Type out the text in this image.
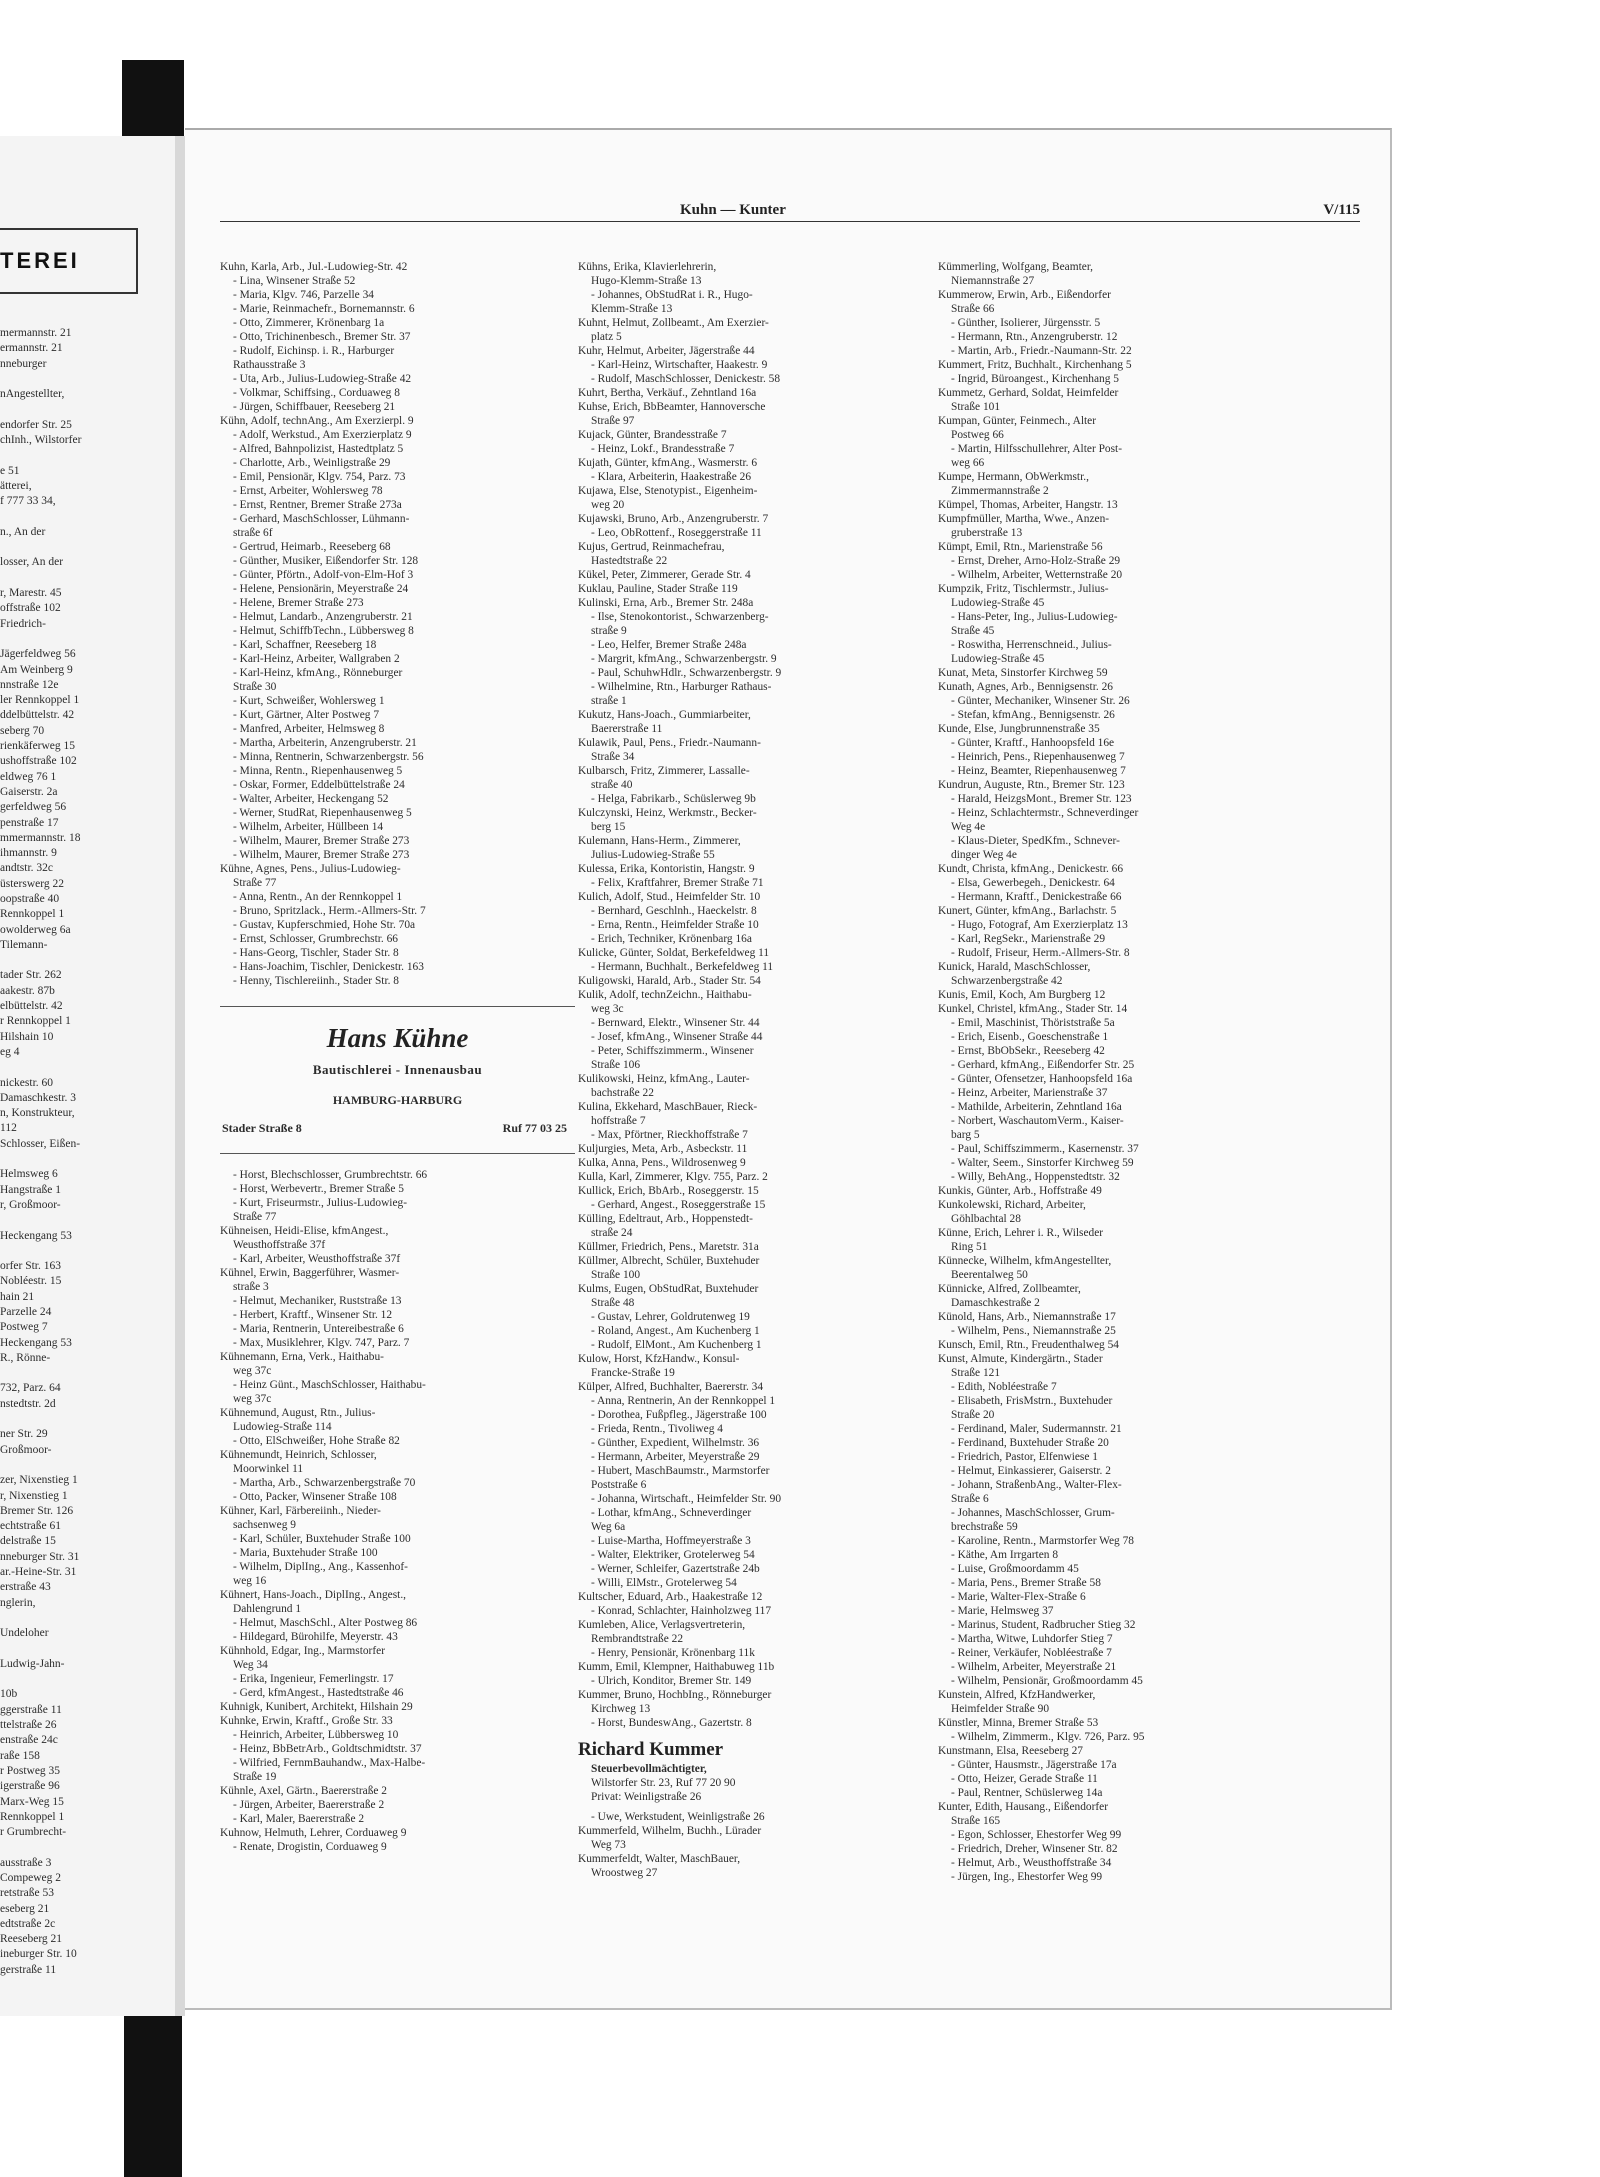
TEREI
mermannstr. 21
ermannstr. 21
nneburger
nAngestellter,
endorfer Str. 25
chInh., Wilstorfer
e 51
ätterei,
f 777 33 34,
n., An der
losser, An der
r, Marestr. 45
offstraße 102
Friedrich-
Jägerfeldweg 56
Am Weinberg 9
nnstraße 12e
ler Rennkoppel 1
ddelbüttelstr. 42
seberg 70
rienkäferweg 15
ushoffstraße 102
eldweg 76 1
Gaiserstr. 2a
gerfeldweg 56
penstraße 17
mmermannstr. 18
ihmannstr. 9
andtstr. 32c
üsterswerg 22
oopstraße 40
Rennkoppel 1
owolderweg 6a
Tilemann-
tader Str. 262
aakestr. 87b
elbüttelstr. 42
r Rennkoppel 1
Hilshain 10
eg 4
nickestr. 60
Damaschkestr. 3
n, Konstrukteur,
112
Schlosser, Eißen-
Helmsweg 6
Hangstraße 1
r, Großmoor-
Heckengang 53
orfer Str. 163
Nobléestr. 15
hain 21
Parzelle 24
Postweg 7
Heckengang 53
R., Rönne-
732, Parz. 64
nstedtstr. 2d
ner Str. 29
Großmoor-
zer, Nixenstieg 1
r, Nixenstieg 1
Bremer Str. 126
echtstraße 61
delstraße 15
nneburger Str. 31
ar.-Heine-Str. 31
erstraße 43
nglerin,
Undeloher
Ludwig-Jahn-
10b
ggerstraße 11
ttelstraße 26
enstraße 24c
raße 158
r Postweg 35
igerstraße 96
Marx-Weg 15
Rennkoppel 1
r Grumbrecht-
ausstraße 3
Compeweg 2
retstraße 53
eseberg 21
edtstraße 2c
Reeseberg 21
ineburger Str. 10
gerstraße 11
Kuhn — Kunter	V/115
Kuhn, Karla, Arb., Jul.-Ludowieg-Str. 42
- Lina, Winsener Straße 52
- Maria, Klgv. 746, Parzelle 34
- Marie, Reinmachefr., Bornemannstr. 6
- Otto, Zimmerer, Krönenbarg 1a
- Otto, Trichinenbesch., Bremer Str. 37
- Rudolf, Eichinsp. i. R., Harburger
Rathausstraße 3
- Uta, Arb., Julius-Ludowieg-Straße 42
- Volkmar, Schiffsing., Corduaweg 8
- Jürgen, Schiffbauer, Reeseberg 21
Kühn, Adolf, technAng., Am Exerzierpl. 9
- Adolf, Werkstud., Am Exerzierplatz 9
- Alfred, Bahnpolizist, Hastedtplatz 5
- Charlotte, Arb., Weinligstraße 29
- Emil, Pensionär, Klgv. 754, Parz. 73
- Ernst, Arbeiter, Wohlersweg 78
- Ernst, Rentner, Bremer Straße 273a
- Gerhard, MaschSchlosser, Lühmann-
straße 6f
- Gertrud, Heimarb., Reeseberg 68
- Günther, Musiker, Eißendorfer Str. 128
- Günter, Pförtn., Adolf-von-Elm-Hof 3
- Helene, Pensionärin, Meyerstraße 24
- Helene, Bremer Straße 273
- Helmut, Landarb., Anzengruberstr. 21
- Helmut, SchiffbTechn., Lübbersweg 8
- Karl, Schaffner, Reeseberg 18
- Karl-Heinz, Arbeiter, Wallgraben 2
- Karl-Heinz, kfmAng., Rönneburger
Straße 30
- Kurt, Schweißer, Wohlersweg 1
- Kurt, Gärtner, Alter Postweg 7
- Manfred, Arbeiter, Helmsweg 8
- Martha, Arbeiterin, Anzengruberstr. 21
- Minna, Rentnerin, Schwarzenbergstr. 56
- Minna, Rentn., Riepenhausenweg 5
- Oskar, Former, Eddelbüttelstraße 24
- Walter, Arbeiter, Heckengang 52
- Werner, StudRat, Riepenhausenweg 5
- Wilhelm, Arbeiter, Hüllbeen 14
- Wilhelm, Maurer, Bremer Straße 273
- Wilhelm, Maurer, Bremer Straße 273
Kühne, Agnes, Pens., Julius-Ludowieg-
Straße 77
- Anna, Rentn., An der Rennkoppel 1
- Bruno, Spritzlack., Herm.-Allmers-Str. 7
- Gustav, Kupferschmied, Hohe Str. 70a
- Ernst, Schlosser, Grumbrechstr. 66
- Hans-Georg, Tischler, Stader Str. 8
- Hans-Joachim, Tischler, Denickestr. 163
- Henny, Tischlereiinh., Stader Str. 8
Hans Kühne
Bautischlerei - Innenausbau
HAMBURG-HARBURG
Stader Straße 8	Ruf 77 03 25
- Horst, Blechschlosser, Grumbrechtstr. 66
- Horst, Werbevertr., Bremer Straße 5
- Kurt, Friseurmstr., Julius-Ludowieg-
Straße 77
Kühneisen, Heidi-Elise, kfmAngest.,
Weusthoffstraße 37f
- Karl, Arbeiter, Weusthoffstraße 37f
Kühnel, Erwin, Baggerführer, Wasmer-
straße 3
- Helmut, Mechaniker, Ruststraße 13
- Herbert, Kraftf., Winsener Str. 12
- Maria, Rentnerin, Untereibestraße 6
- Max, Musiklehrer, Klgv. 747, Parz. 7
Kühnemann, Erna, Verk., Haithabu-
weg 37c
- Heinz Günt., MaschSchlosser, Haithabu-
weg 37c
Kühnemund, August, Rtn., Julius-
Ludowieg-Straße 114
- Otto, ElSchweißer, Hohe Straße 82
Kühnemundt, Heinrich, Schlosser,
Moorwinkel 11
- Martha, Arb., Schwarzenbergstraße 70
- Otto, Packer, Winsener Straße 108
Kühner, Karl, Färbereiinh., Nieder-
sachsenweg 9
- Karl, Schüler, Buxtehuder Straße 100
- Maria, Buxtehuder Straße 100
- Wilhelm, DiplIng., Ang., Kassenhof-
weg 16
Kühnert, Hans-Joach., DiplIng., Angest.,
Dahlengrund 1
- Helmut, MaschSchl., Alter Postweg 86
- Hildegard, Bürohilfe, Meyerstr. 43
Kühnhold, Edgar, Ing., Marmstorfer
Weg 34
- Erika, Ingenieur, Femerlingstr. 17
- Gerd, kfmAngest., Hastedtstraße 46
Kuhnigk, Kunibert, Architekt, Hilshain 29
Kuhnke, Erwin, Kraftf., Große Str. 33
- Heinrich, Arbeiter, Lübbersweg 10
- Heinz, BbBetrArb., Goldtschmidtstr. 37
- Wilfried, FernmBauhandw., Max-Halbe-
Straße 19
Kühnle, Axel, Gärtn., Baererstraße 2
- Jürgen, Arbeiter, Baererstraße 2
- Karl, Maler, Baererstraße 2
Kuhnow, Helmuth, Lehrer, Corduaweg 9
- Renate, Drogistin, Corduaweg 9
Kühns, Erika, Klavierlehrerin,
Hugo-Klemm-Straße 13
- Johannes, ObStudRat i. R., Hugo-
Klemm-Straße 13
Kuhnt, Helmut, Zollbeamt., Am Exerzier-
platz 5
Kuhr, Helmut, Arbeiter, Jägerstraße 44
- Karl-Heinz, Wirtschafter, Haakestr. 9
- Rudolf, MaschSchlosser, Denickestr. 58
Kuhrt, Bertha, Verkäuf., Zehntland 16a
Kuhse, Erich, BbBeamter, Hannoversche
Straße 97
Kujack, Günter, Brandesstraße 7
- Heinz, Lokf., Brandesstraße 7
Kujath, Günter, kfmAng., Wasmerstr. 6
- Klara, Arbeiterin, Haakestraße 26
Kujawa, Else, Stenotypist., Eigenheim-
weg 20
Kujawski, Bruno, Arb., Anzengruberstr. 7
- Leo, ObRottenf., Roseggerstraße 11
Kujus, Gertrud, Reinmachefrau,
Hastedtstraße 22
Kükel, Peter, Zimmerer, Gerade Str. 4
Kuklau, Pauline, Stader Straße 119
Kulinski, Erna, Arb., Bremer Str. 248a
- Ilse, Stenokontorist., Schwarzenberg-
straße 9
- Leo, Helfer, Bremer Straße 248a
- Margrit, kfmAng., Schwarzenbergstr. 9
- Paul, SchuhwHdlr., Schwarzenbergstr. 9
- Wilhelmine, Rtn., Harburger Rathaus-
straße 1
Kukutz, Hans-Joach., Gummiarbeiter,
Baererstraße 11
Kulawik, Paul, Pens., Friedr.-Naumann-
Straße 34
Kulbarsch, Fritz, Zimmerer, Lassalle-
straße 40
- Helga, Fabrikarb., Schüslerweg 9b
Kulczynski, Heinz, Werkmstr., Becker-
berg 15
Kulemann, Hans-Herm., Zimmerer,
Julius-Ludowieg-Straße 55
Kulessa, Erika, Kontoristin, Hangstr. 9
- Felix, Kraftfahrer, Bremer Straße 71
Kulich, Adolf, Stud., Heimfelder Str. 10
- Bernhard, Geschlnh., Haeckelstr. 8
- Erna, Rentn., Heimfelder Straße 10
- Erich, Techniker, Krönenbarg 16a
Kulicke, Günter, Soldat, Berkefeldweg 11
- Hermann, Buchhalt., Berkefeldweg 11
Kuligowski, Harald, Arb., Stader Str. 54
Kulik, Adolf, technZeichn., Haithabu-
weg 3c
- Bernward, Elektr., Winsener Str. 44
- Josef, kfmAng., Winsener Straße 44
- Peter, Schiffszimmerm., Winsener
Straße 106
Kulikowski, Heinz, kfmAng., Lauter-
bachstraße 22
Kulina, Ekkehard, MaschBauer, Rieck-
hoffstraße 7
- Max, Pförtner, Rieckhoffstraße 7
Kuljurgies, Meta, Arb., Asbeckstr. 11
Kulka, Anna, Pens., Wildrosenweg 9
Kulla, Karl, Zimmerer, Klgv. 755, Parz. 2
Kullick, Erich, BbArb., Roseggerstr. 15
- Gerhard, Angest., Roseggerstraße 15
Külling, Edeltraut, Arb., Hoppenstedt-
straße 24
Küllmer, Friedrich, Pens., Maretstr. 31a
Küllmer, Albrecht, Schüler, Buxtehuder
Straße 100
Kulms, Eugen, ObStudRat, Buxtehuder
Straße 48
- Gustav, Lehrer, Goldrutenweg 19
- Roland, Angest., Am Kuchenberg 1
- Rudolf, ElMont., Am Kuchenberg 1
Kulow, Horst, KfzHandw., Konsul-
Francke-Straße 19
Külper, Alfred, Buchhalter, Baererstr. 34
- Anna, Rentnerin, An der Rennkoppel 1
- Dorothea, Fußpfleg., Jägerstraße 100
- Frieda, Rentn., Tivoliweg 4
- Günther, Expedient, Wilhelmstr. 36
- Hermann, Arbeiter, Meyerstraße 29
- Hubert, MaschBaumstr., Marmstorfer
Poststraße 6
- Johanna, Wirtschaft., Heimfelder Str. 90
- Lothar, kfmAng., Schneverdinger
Weg 6a
- Luise-Martha, Hoffmeyerstraße 3
- Walter, Elektriker, Grotelerweg 54
- Werner, Schleifer, Gazertstraße 24b
- Willi, ElMstr., Grotelerweg 54
Kultscher, Eduard, Arb., Haakestraße 12
- Konrad, Schlachter, Hainholzweg 117
Kumleben, Alice, Verlagsvertreterin,
Rembrandtstraße 22
- Henry, Pensionär, Krönenbarg 11k
Kumm, Emil, Klempner, Haithabuweg 11b
- Ulrich, Konditor, Bremer Str. 149
Kummer, Bruno, HochbIng., Rönneburger
Kirchweg 13
- Horst, BundeswAng., Gazertstr. 8
Richard Kummer
Steuerbevollmächtigter,
Wilstorfer Str. 23, Ruf 77 20 90
Privat: Weinligstraße 26
- Uwe, Werkstudent, Weinligstraße 26
Kummerfeld, Wilhelm, Buchh., Lürader
Weg 73
Kummerfeldt, Walter, MaschBauer,
Wroostweg 27
Kümmerling, Wolfgang, Beamter,
Niemannstraße 27
Kummerow, Erwin, Arb., Eißendorfer
Straße 66
- Günther, Isolierer, Jürgensstr. 5
- Hermann, Rtn., Anzengruberstr. 12
- Martin, Arb., Friedr.-Naumann-Str. 22
Kummert, Fritz, Buchhalt., Kirchenhang 5
- Ingrid, Büroangest., Kirchenhang 5
Kummetz, Gerhard, Soldat, Heimfelder
Straße 101
Kumpan, Günter, Feinmech., Alter
Postweg 66
- Martin, Hilfsschullehrer, Alter Post-
weg 66
Kumpe, Hermann, ObWerkmstr.,
Zimmermannstraße 2
Kümpel, Thomas, Arbeiter, Hangstr. 13
Kumpfmüller, Martha, Wwe., Anzen-
gruberstraße 13
Kümpt, Emil, Rtn., Marienstraße 56
- Ernst, Dreher, Arno-Holz-Straße 29
- Wilhelm, Arbeiter, Wetternstraße 20
Kumpzik, Fritz, Tischlermstr., Julius-
Ludowieg-Straße 45
- Hans-Peter, Ing., Julius-Ludowieg-
Straße 45
- Roswitha, Herrenschneid., Julius-
Ludowieg-Straße 45
Kunat, Meta, Sinstorfer Kirchweg 59
Kunath, Agnes, Arb., Bennigsenstr. 26
- Günter, Mechaniker, Winsener Str. 26
- Stefan, kfmAng., Bennigsenstr. 26
Kunde, Else, Jungbrunnenstraße 35
- Günter, Kraftf., Hanhoopsfeld 16e
- Heinrich, Pens., Riepenhausenweg 7
- Heinz, Beamter, Riepenhausenweg 7
Kundrun, Auguste, Rtn., Bremer Str. 123
- Harald, HeizgsMont., Bremer Str. 123
- Heinz, Schlachtermstr., Schneverdinger
Weg 4e
- Klaus-Dieter, SpedKfm., Schnever-
dinger Weg 4e
Kundt, Christa, kfmAng., Denickestr. 66
- Elsa, Gewerbegeh., Denickestr. 64
- Hermann, Kraftf., Denickestraße 66
Kunert, Günter, kfmAng., Barlachstr. 5
- Hugo, Fotograf, Am Exerzierplatz 13
- Karl, RegSekr., Marienstraße 29
- Rudolf, Friseur, Herm.-Allmers-Str. 8
Kunick, Harald, MaschSchlosser,
Schwarzenbergstraße 42
Kunis, Emil, Koch, Am Burgberg 12
Kunkel, Christel, kfmAng., Stader Str. 14
- Emil, Maschinist, Thöriststraße 5a
- Erich, Eisenb., Goeschenstraße 1
- Ernst, BbObSekr., Reeseberg 42
- Gerhard, kfmAng., Eißendorfer Str. 25
- Günter, Ofensetzer, Hanhoopsfeld 16a
- Heinz, Arbeiter, Marienstraße 37
- Mathilde, Arbeiterin, Zehntland 16a
- Norbert, WaschautomVerm., Kaiser-
barg 5
- Paul, Schiffszimmerm., Kasernenstr. 37
- Walter, Seem., Sinstorfer Kirchweg 59
- Willy, BehAng., Hoppenstedtstr. 32
Kunkis, Günter, Arb., Hoffstraße 49
Kunkolewski, Richard, Arbeiter,
Göhlbachtal 28
Künne, Erich, Lehrer i. R., Wilseder
Ring 51
Künnecke, Wilhelm, kfmAngestellter,
Beerentalweg 50
Künnicke, Alfred, Zollbeamter,
Damaschkestraße 2
Künold, Hans, Arb., Niemannstraße 17
- Wilhelm, Pens., Niemannstraße 25
Kunsch, Emil, Rtn., Freudenthalweg 54
Kunst, Almute, Kindergärtn., Stader
Straße 121
- Edith, Nobléestraße 7
- Elisabeth, FrisMstrn., Buxtehuder
Straße 20
- Ferdinand, Maler, Sudermannstr. 21
- Ferdinand, Buxtehuder Straße 20
- Friedrich, Pastor, Elfenwiese 1
- Helmut, Einkassierer, Gaiserstr. 2
- Johann, StraßenbAng., Walter-Flex-
Straße 6
- Johannes, MaschSchlosser, Grum-
brechstraße 59
- Karoline, Rentn., Marmstorfer Weg 78
- Käthe, Am Irrgarten 8
- Luise, Großmoordamm 45
- Maria, Pens., Bremer Straße 58
- Marie, Walter-Flex-Straße 6
- Marie, Helmsweg 37
- Marinus, Student, Radbrucher Stieg 32
- Martha, Witwe, Luhdorfer Stieg 7
- Reiner, Verkäufer, Nobléestraße 7
- Wilhelm, Arbeiter, Meyerstraße 21
- Wilhelm, Pensionär, Großmoordamm 45
Kunstein, Alfred, KfzHandwerker,
Heimfelder Straße 90
Künstler, Minna, Bremer Straße 53
- Wilhelm, Zimmerm., Klgv. 726, Parz. 95
Kunstmann, Elsa, Reeseberg 27
- Günter, Hausmstr., Jägerstraße 17a
- Otto, Heizer, Gerade Straße 11
- Paul, Rentner, Schüslerweg 14a
Kunter, Edith, Hausang., Eißendorfer
Straße 165
- Egon, Schlosser, Ehestorfer Weg 99
- Friedrich, Dreher, Winsener Str. 82
- Helmut, Arb., Weusthoffstraße 34
- Jürgen, Ing., Ehestorfer Weg 99
